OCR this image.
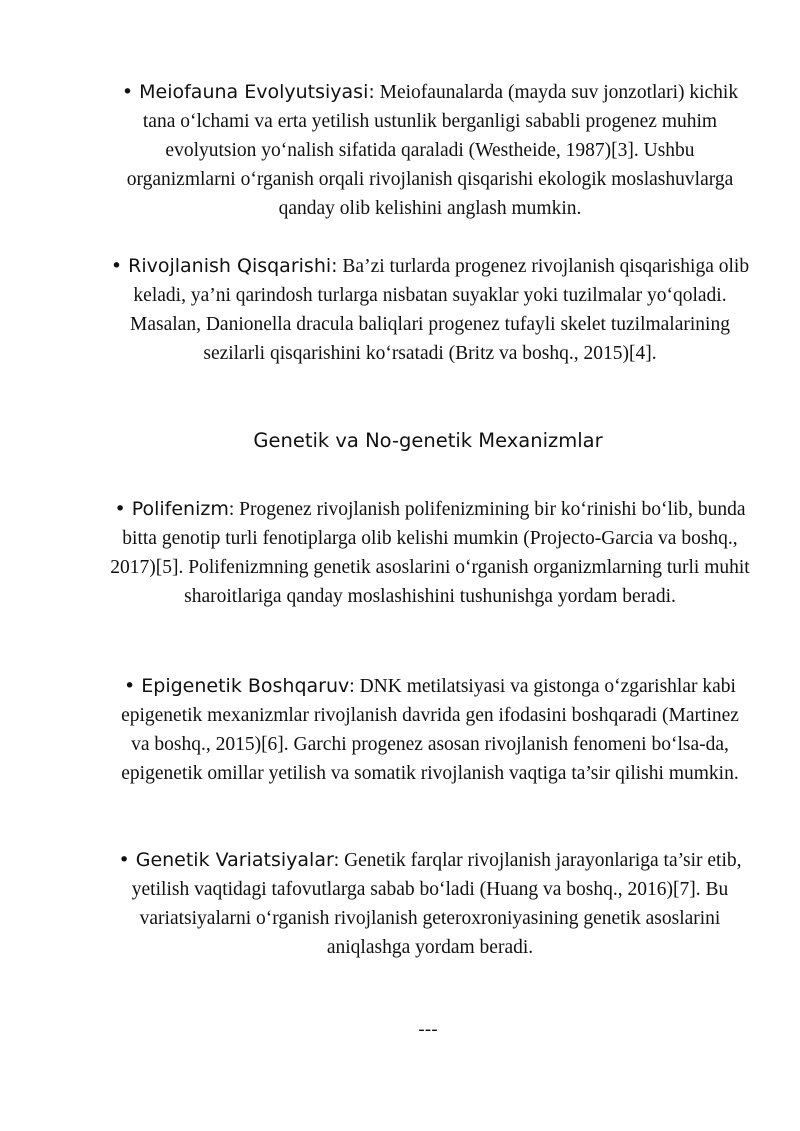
• Meiofauna Evolyutsiyasi: Meiofaunalarda (mayda suv jonzotlari) kichik tana o‘lchami va erta yetilish ustunlik berganligi sababli progenez muhim evolyutsion yo‘nalish sifatida qaraladi (Westheide, 1987)[3]. Ushbu organizmlarni o‘rganish orqali rivojlanish qisqarishi ekologik moslashuvlarga qanday olib kelishini anglash mumkin.

• Rivojlanish Qisqarishi: Ba’zi turlarda progenez rivojlanish qisqarishiga olib keladi, ya’ni qarindosh turlarga nisbatan suyaklar yoki tuzilmalar yo‘qoladi. Masalan, Danionella dracula baliqlari progenez tufayli skelet tuzilmalarining sezilarli qisqarishini ko‘rsatadi (Britz va boshq., 2015)[4].

Genetik va No-genetik Mexanizmlar

• Polifenizm: Progenez rivojlanish polifenizmining bir ko‘rinishi bo‘lib, bunda bitta genotip turli fenotiplarga olib kelishi mumkin (Projecto-Garcia va boshq., 2017)[5]. Polifenizmning genetik asoslarini o‘rganish organizmlarning turli muhit sharoitlariga qanday moslashishini tushunishga yordam beradi.

• Epigenetik Boshqaruv: DNK metilatsiyasi va gistonga o‘zgarishlar kabi epigenetik mexanizmlar rivojlanish davrida gen ifodasini boshqaradi (Martinez va boshq., 2015)[6]. Garchi progenez asosan rivojlanish fenomeni bo‘lsa-da, epigenetik omillar yetilish va somatik rivojlanish vaqtiga ta’sir qilishi mumkin.

• Genetik Variatsiyalar: Genetik farqlar rivojlanish jarayonlariga ta’sir etib, yetilish vaqtidagi tafovutlarga sabab bo‘ladi (Huang va boshq., 2016)[7]. Bu variatsiyalarni o‘rganish rivojlanish geteroxroniyasining genetik asoslarini aniqlashga yordam beradi.

---
